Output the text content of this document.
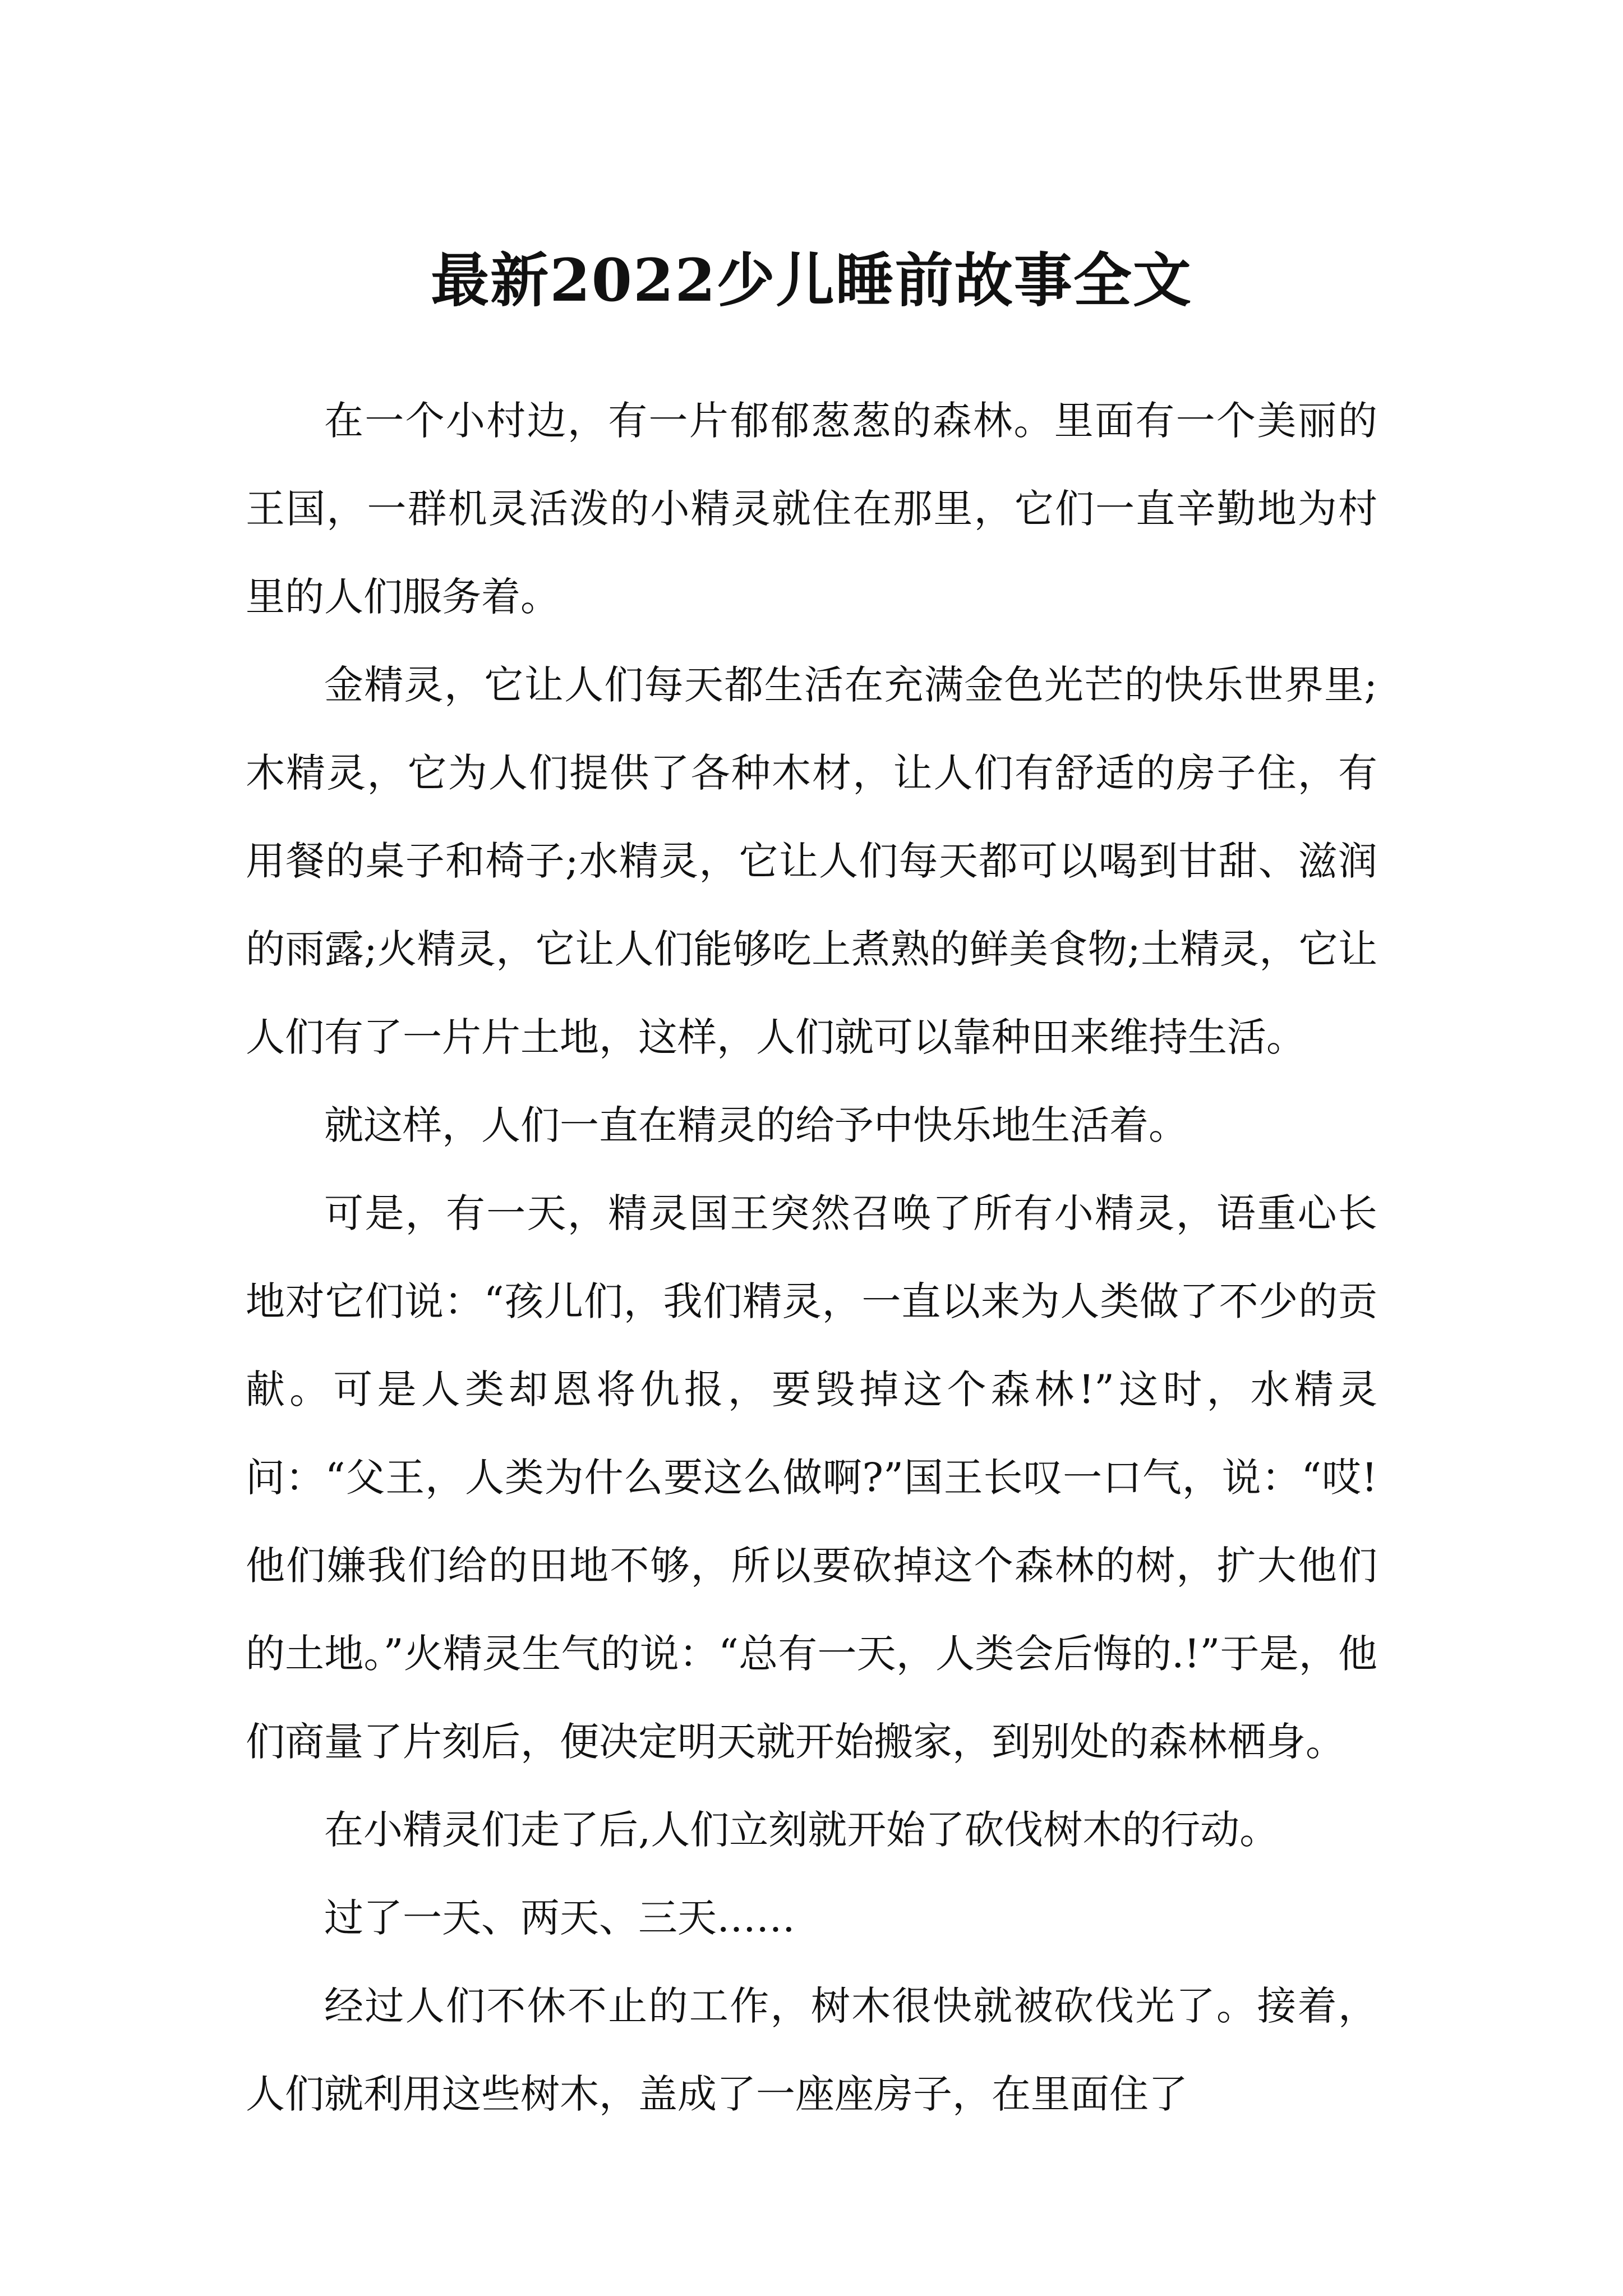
最新2022少儿睡前故事全文

在一个小村边，有一片郁郁葱葱的森林。里面有一个美丽的王国，一群机灵活泼的小精灵就住在那里，它们一直辛勤地为村里的人们服务着。

金精灵，它让人们每天都生活在充满金色光芒的快乐世界里;木精灵，它为人们提供了各种木材，让人们有舒适的房子住，有用餐的桌子和椅子;水精灵，它让人们每天都可以喝到甘甜、滋润的雨露;火精灵，它让人们能够吃上煮熟的鲜美食物;土精灵，它让人们有了一片片土地，这样，人们就可以靠种田来维持生活。

就这样，人们一直在精灵的给予中快乐地生活着。

可是，有一天，精灵国王突然召唤了所有小精灵，语重心长地对它们说：“孩儿们，我们精灵，一直以来为人类做了不少的贡献。可是人类却恩将仇报，要毁掉这个森林!”这时，水精灵问：“父王，人类为什么要这么做啊?”国王长叹一口气，说：“哎!他们嫌我们给的田地不够，所以要砍掉这个森林的树，扩大他们的土地。”火精灵生气的说：“总有一天，人类会后悔的.!”于是，他们商量了片刻后，便决定明天就开始搬家，到别处的森林栖身。

在小精灵们走了后,人们立刻就开始了砍伐树木的行动。

过了一天、两天、三天……

经过人们不休不止的工作，树木很快就被砍伐光了。接着，人们就利用这些树木，盖成了一座座房子，在里面住了
